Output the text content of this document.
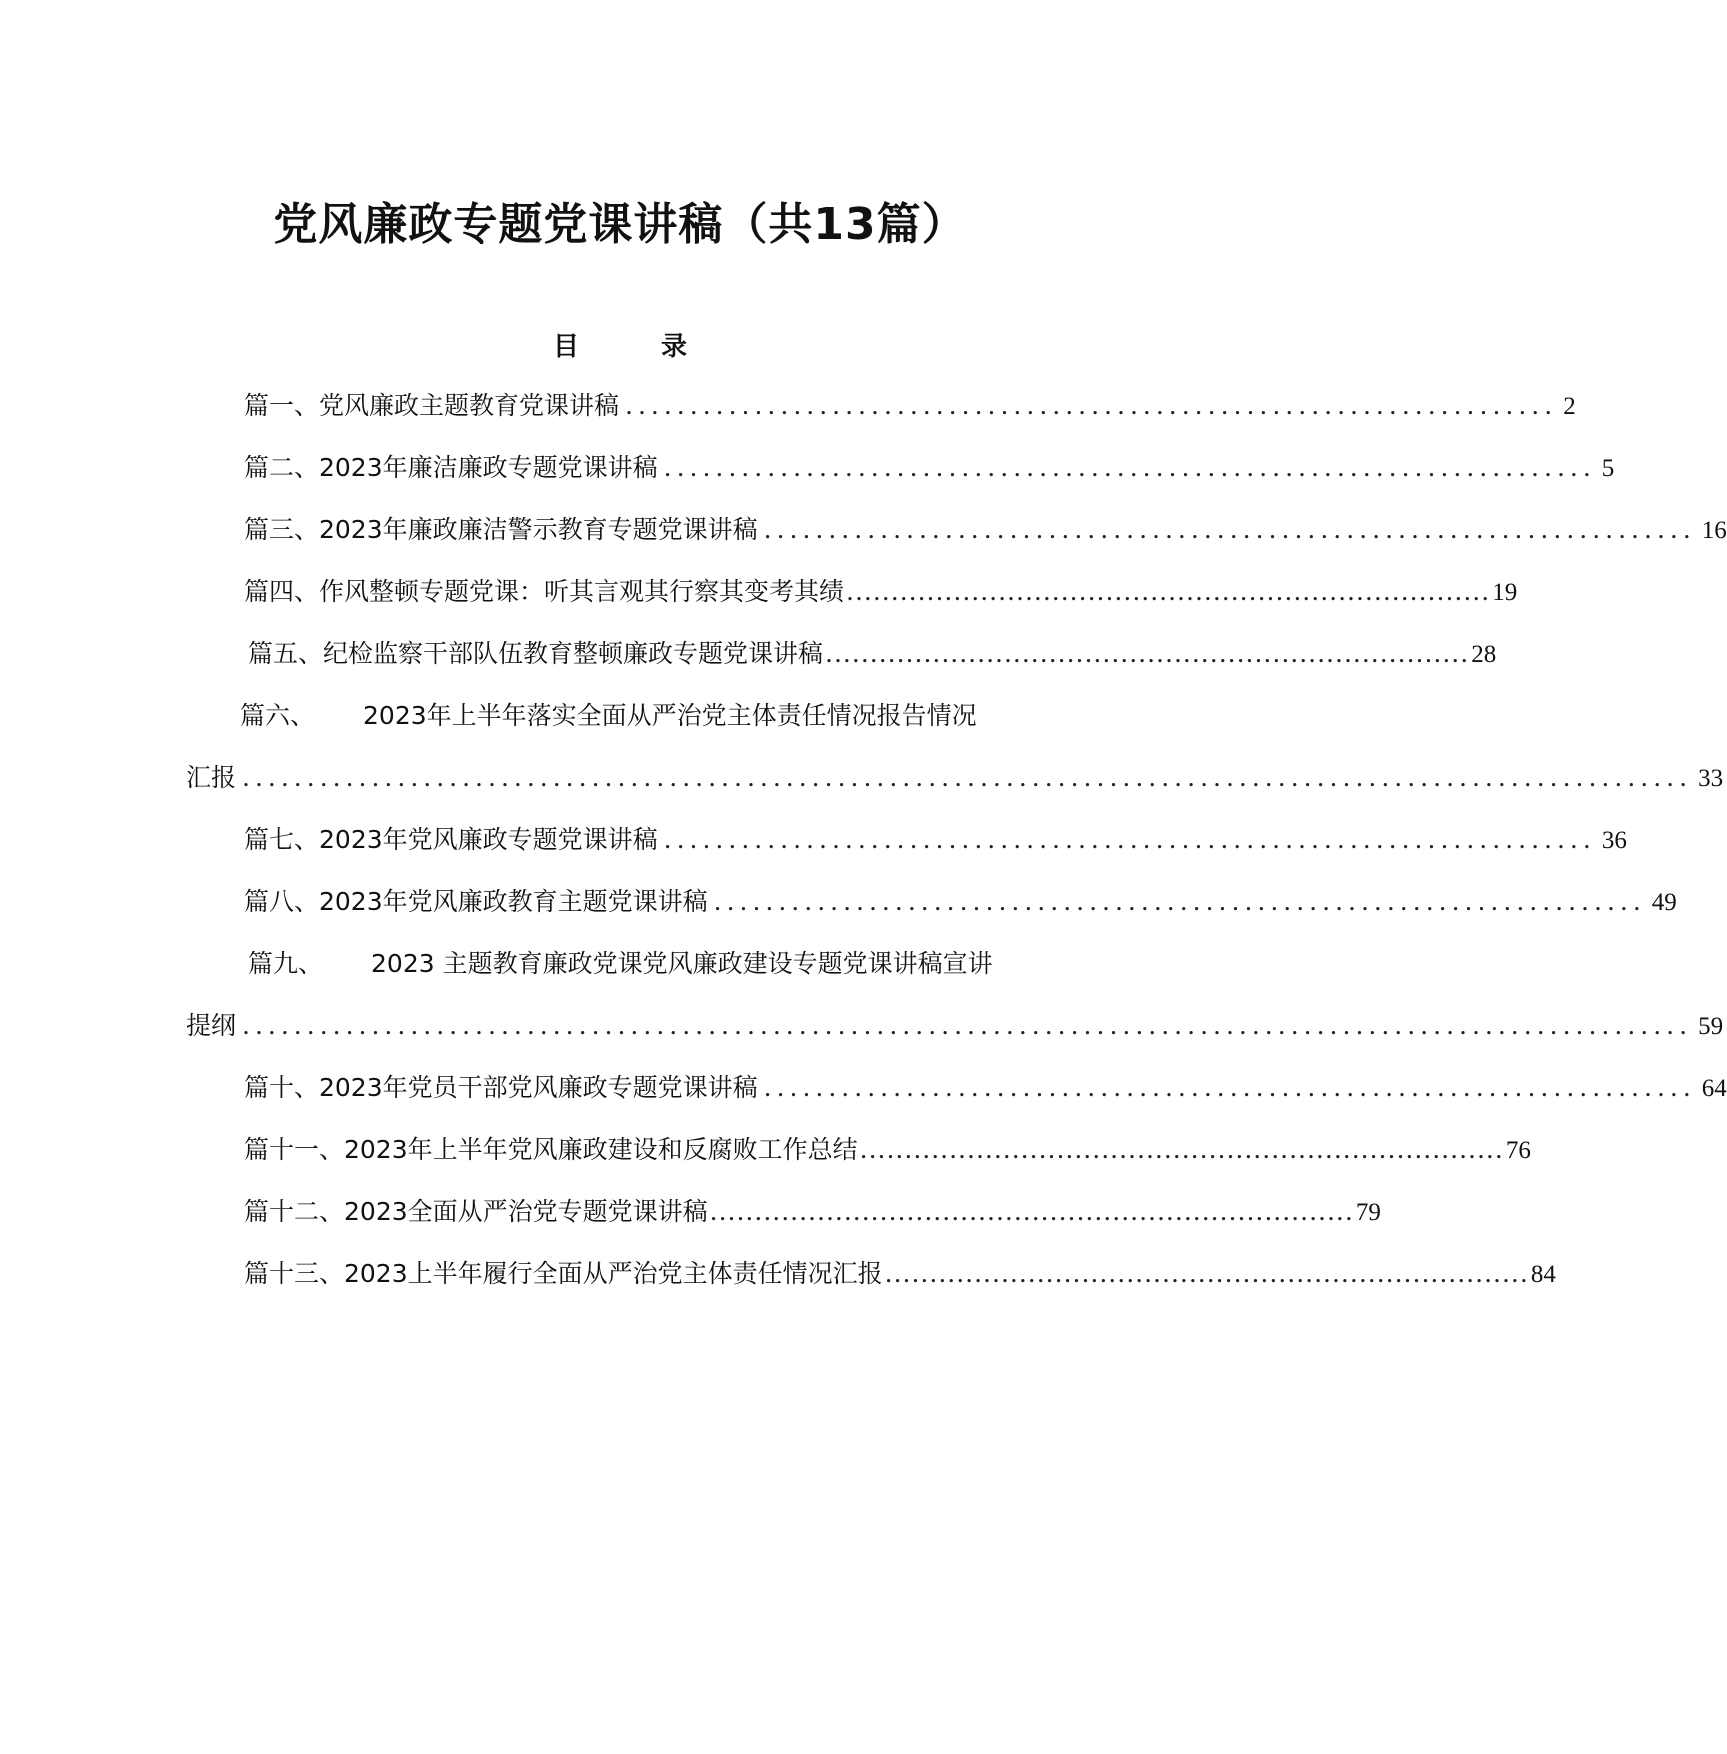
党风廉政专题党课讲稿（共13篇）
目　录
篇一、党风廉政主题教育党课讲稿 ........................................................................ 2
篇二、2023年廉洁廉政专题党课讲稿 ........................................................................ 5
篇三、2023年廉政廉洁警示教育专题党课讲稿 ........................................................................ 16
篇四、作风整顿专题党课：听其言观其行察其变考其绩 ........................................................................ 19
篇五、 纪检监察干部队伍教育整顿廉政专题党课讲稿 ........................................................................ 28
篇六、 2023年上半年落实全面从严治党主体责任情况报告情况
汇报 ................................................................................................................ 33
篇七、 2023年党风廉政专题党课讲稿 ........................................................................ 36
篇八、2023年党风廉政教育主题党课讲稿 ........................................................................ 49
篇九、 2023 主题教育廉政党课党风廉政建设专题党课讲稿宣讲
提纲 ................................................................................................................ 59
篇十、2023年党员干部党风廉政专题党课讲稿 ........................................................................ 64
篇十一、2023年上半年党风廉政建设和反腐败工作总结 ........................................................................ 76
篇十二、 2023全面从严治党专题党课讲稿 ........................................................................ 79
篇十三、2023上半年履行全面从严治党主体责任情况汇报 ........................................................................ 84
